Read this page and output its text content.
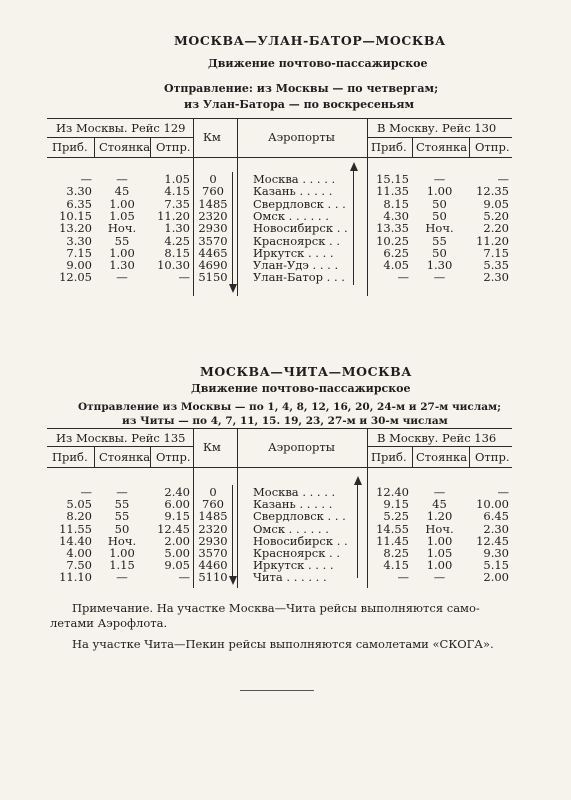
МОСКВА—УЛАН-БАТОР—МОСКВА
Движение почтово-пассажирское
Отправление: из Москвы — по четвергам;
из Улан-Батора — по воскресеньям
Из Москвы. Рейс 129
Км	Аэропорты
В Москву. Рейс 130
Приб. Стоянка Отпр.	Приб. Стоянка Отпр.
—	—	1.05	0	Москва . . . . .	15.15	—	—
3.30	45	4.15	760	Казань . . . . .	11.35	1.00	12.35
6.35	1.00	7.35 1485	Свердловск . . .	8.15	50	9.05
10.15	1.05	11.20 2320	Омск . . . . . .	4.30	50	5.20
13.20	Ноч.	1.30 2930	Новосибирск . .	13.35	Ноч.	2.20
3.30	55	4.25 3570	Красноярск . .	10.25	55	11.20
7.15	1.00	8.15 4465	Иркутск . . . .	6.25	50	7.15
9.00	1.30	10.30 4690	Улан-Удэ . . . .	4.05	1.30	5.35
12.05	—	— 5150	Улан-Батор . . .	—	—	2.30
МОСКВА—ЧИТА—МОСКВА
Движение почтово-пассажирское
Отправление из Москвы — по 1, 4, 8, 12, 16, 20, 24-м и 27-м числам;
из Читы — по 4, 7, 11, 15. 19, 23, 27-м и 30-м числам
Из Москвы. Рейс 135
Км	Аэропорты
В Москву. Рейс 136
Приб. Стоянка Отпр.	Приб. Стоянка Отпр.
—	—	2.40	0	Москва . . . . .	12.40	—	—
5.05	55	6.00	760	Казань . . . . .	9.15	45	10.00
8.20	55	9.15 1485	Свердловск . . .	5.25	1.20	6.45
11.55	50	12.45 2320	Омск . . . . . .	14.55	Ноч.	2.30
14.40	Ноч.	2.00 2930	Новосибирск . .	11.45	1.00	12.45
4.00	1.00	5.00 3570	Красноярск . .	8.25	1.05	9.30
7.50	1.15	9.05 4460	Иркутск . . . .	4.15	1.00	5.15
11.10	—	— 5110	Чита . . . . . .	—	—	2.00
Примечание. На участке Москва—Чита рейсы выполняются само-
летами Аэрофлота.
На участке Чита—Пекин рейсы выполняются самолетами «СКОГА».
